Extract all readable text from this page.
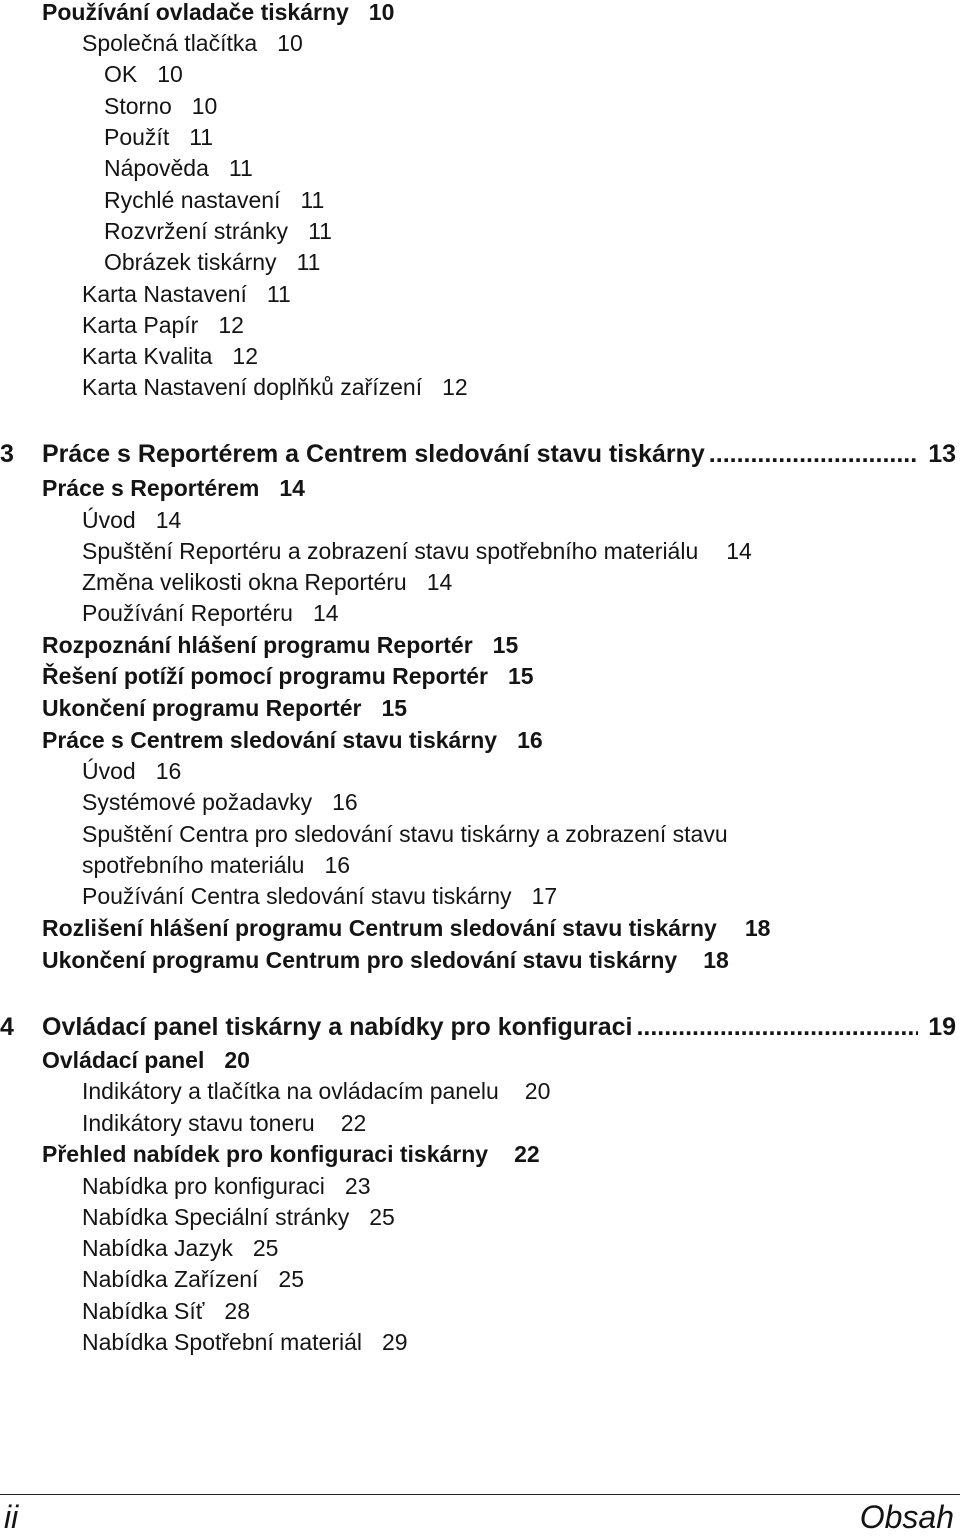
Používání ovladače tiskárny 10
Společná tlačítka 10
OK 10
Storno 10
Použít 11
Nápověda 11
Rychlé nastavení 11
Rozvržení stránky 11
Obrázek tiskárny 11
Karta Nastavení 11
Karta Papír 12
Karta Kvalita 12
Karta Nastavení doplňků zařízení 12
3	Práce s Reportérem a Centrem sledování stavu tiskárny .....	13
Práce s Reportérem 14
Úvod 14
Spuštění Reportéru a zobrazení stavu spotřebního materiálu 14
Změna velikosti okna Reportéru 14
Používání Reportéru 14
Rozpoznání hlášení programu Reportér 15
Řešení potíží pomocí programu Reportér 15
Ukončení programu Reportér 15
Práce s Centrem sledování stavu tiskárny 16
Úvod 16
Systémové požadavky 16
Spuštění Centra pro sledování stavu tiskárny a zobrazení stavu
spotřebního materiálu 16
Používání Centra sledování stavu tiskárny 17
Rozlišení hlášení programu Centrum sledování stavu tiskárny 18
Ukončení programu Centrum pro sledování stavu tiskárny 18
4	Ovládací panel tiskárny a nabídky pro konfiguraci .....	19
Ovládací panel 20
Indikátory a tlačítka na ovládacím panelu 20
Indikátory stavu toneru 22
Přehled nabídek pro konfiguraci tiskárny 22
Nabídka pro konfiguraci 23
Nabídka Speciální stránky 25
Nabídka Jazyk 25
Nabídka Zařízení 25
Nabídka Síť 28
Nabídka Spotřební materiál 29
ii	Obsah
